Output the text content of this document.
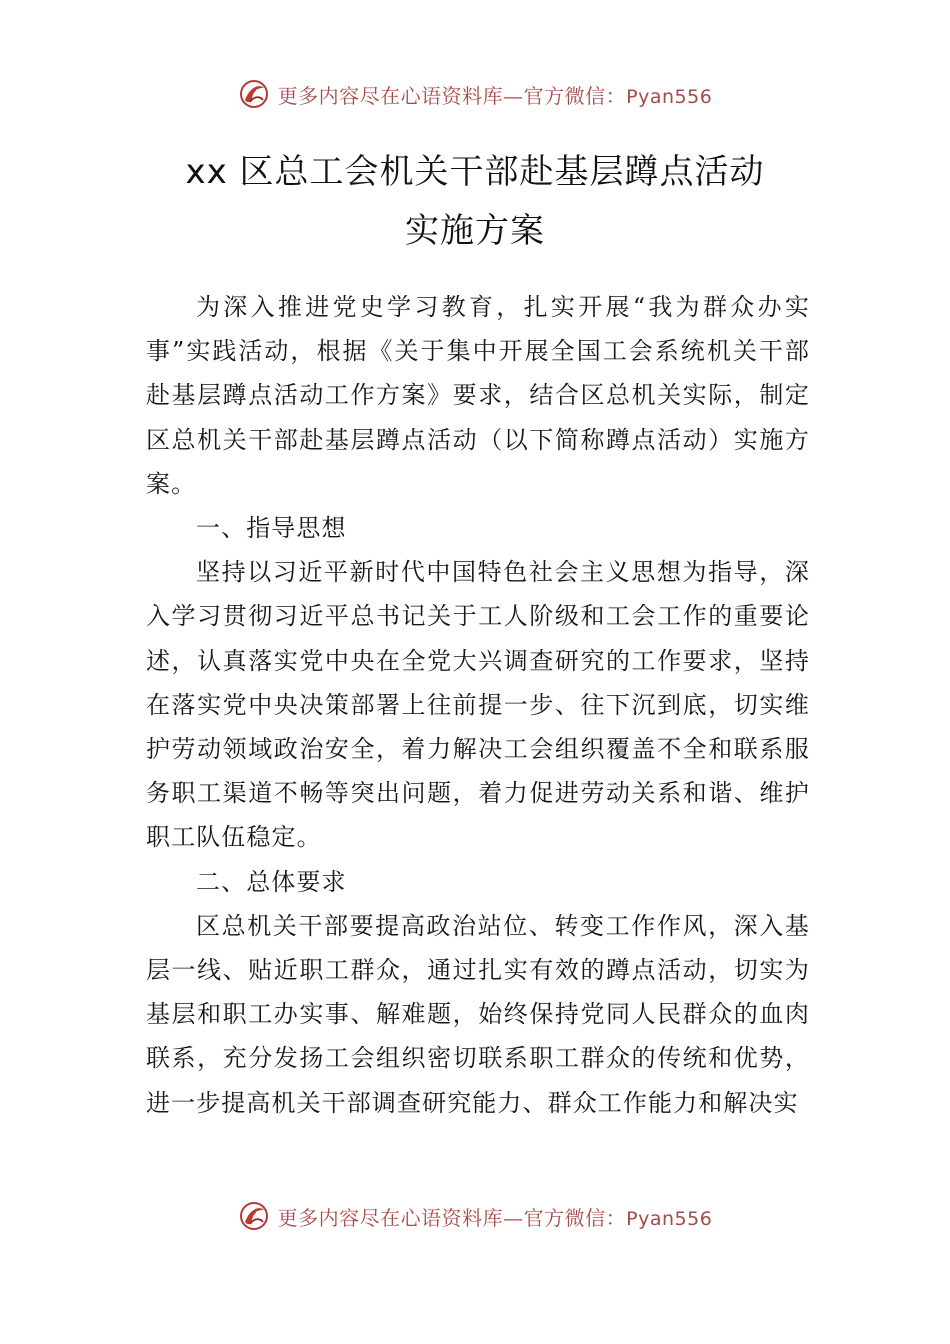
更多内容尽在心语资料库—官方微信：Pyan556
xx 区总工会机关干部赴基层蹲点活动
实施方案

为深入推进党史学习教育，扎实开展“我为群众办实事”实践活动，根据《关于集中开展全国工会系统机关干部赴基层蹲点活动工作方案》要求，结合区总机关实际，制定区总机关干部赴基层蹲点活动（以下简称蹲点活动）实施方案。

一、指导思想

坚持以习近平新时代中国特色社会主义思想为指导，深入学习贯彻习近平总书记关于工人阶级和工会工作的重要论述，认真落实党中央在全党大兴调查研究的工作要求，坚持在落实党中央决策部署上往前提一步、往下沉到底，切实维护劳动领域政治安全，着力解决工会组织覆盖不全和联系服务职工渠道不畅等突出问题，着力促进劳动关系和谐、维护职工队伍稳定。

二、总体要求

区总机关干部要提高政治站位、转变工作作风，深入基层一线、贴近职工群众，通过扎实有效的蹲点活动，切实为基层和职工办实事、解难题，始终保持党同人民群众的血肉联系，充分发扬工会组织密切联系职工群众的传统和优势，进一步提高机关干部调查研究能力、群众工作能力和解决实

更多内容尽在心语资料库—官方微信：Pyan556
